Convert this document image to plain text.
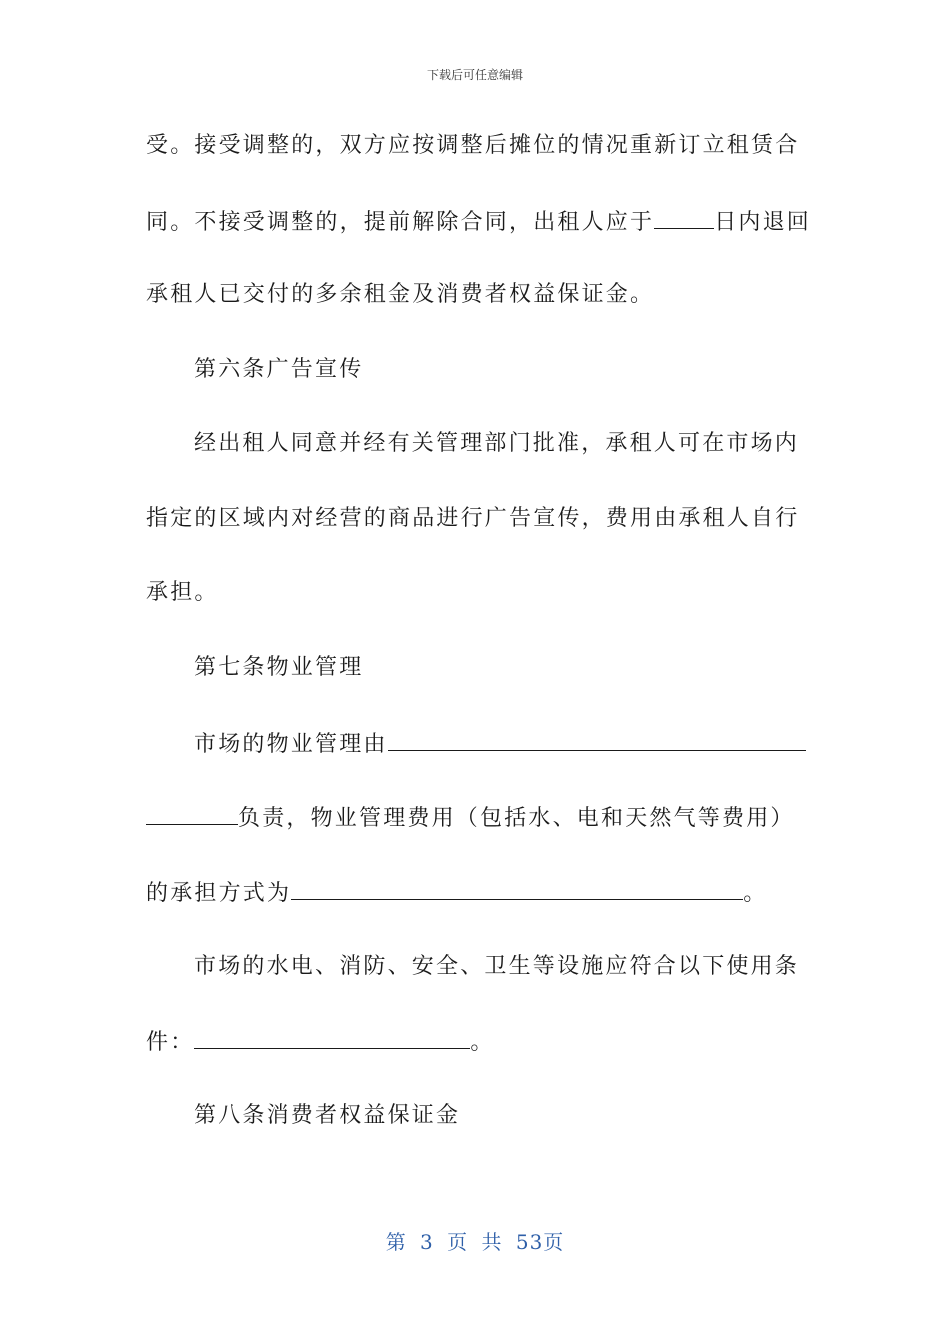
下载后可任意编辑
受。接受调整的，双方应按调整后摊位的情况重新订立租赁合
同。不接受调整的，提前解除合同，出租人应于	日内退回
承租人已交付的多余租金及消费者权益保证金。
第六条广告宣传
经出租人同意并经有关管理部门批准，承租人可在市场内
指定的区域内对经营的商品进行广告宣传，费用由承租人自行
承担。
第七条物业管理
市场的物业管理由
负责，物业管理费用（包括水、电和天然气等费用）
的承担方式为	。
市场的水电、消防、安全、卫生等设施应符合以下使用条
件：	。
第八条消费者权益保证金
第 3 页 共 53页
